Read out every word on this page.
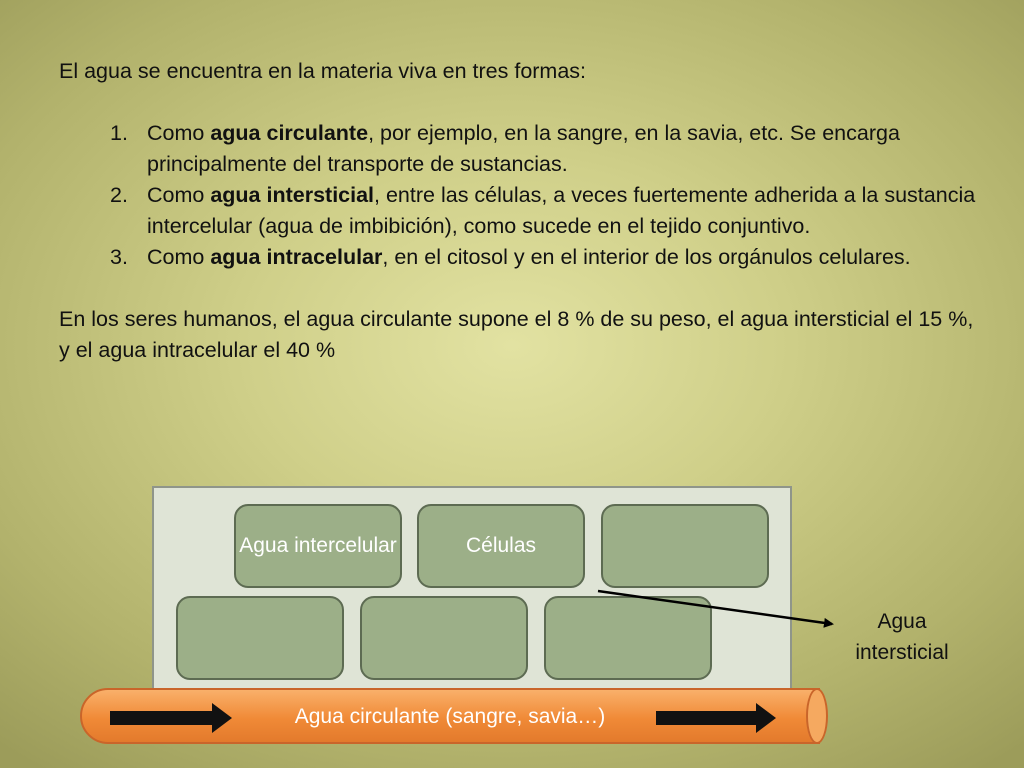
El agua se encuentra en la materia viva en tres formas:

1. Como agua circulante, por ejemplo, en la sangre, en la savia, etc. Se encarga principalmente del transporte de sustancias.
2. Como agua intersticial, entre las células, a veces fuertemente adherida a la sustancia intercelular (agua de imbibición), como sucede en el tejido conjuntivo.
3. Como agua intracelular, en el citosol y en el interior de los orgánulos celulares.

En los seres humanos, el agua circulante supone el 8 % de su peso, el agua intersticial el 15 %, y el agua intracelular el 40 %

Agua intercelular	Células
Agua circulante (sangre, savia…)
Agua intersticial
